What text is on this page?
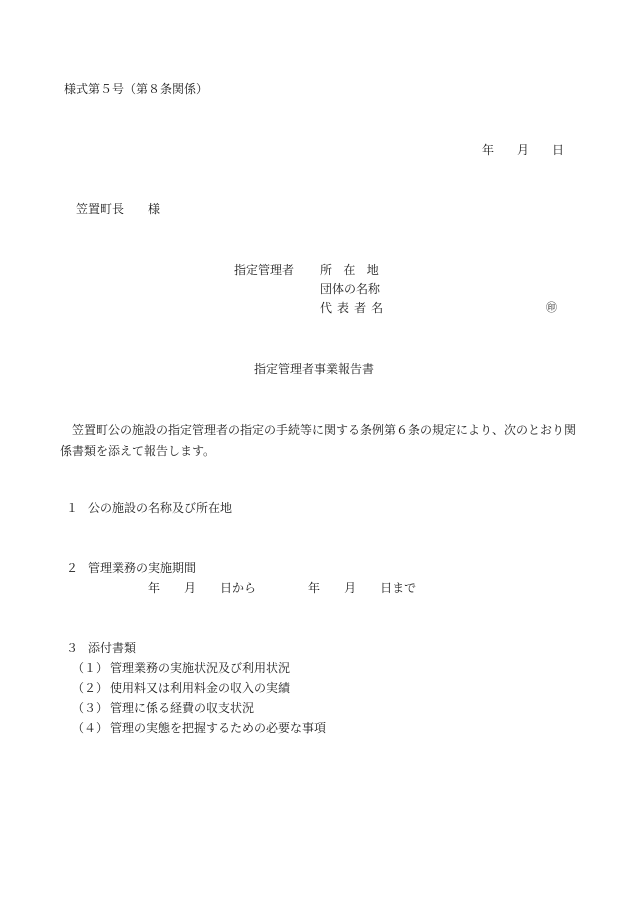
様式第５号（第８条関係）
年 月 日
笠置町長 様
指定管理者 所在地
団体の名称
代表者名	㊞
指定管理者事業報告書
笠置町公の施設の指定管理者の指定の手続等に関する条例第６条の規定により、次のとおり関係書類を添えて報告します。
１ 公の施設の名称及び所在地
２ 管理業務の実施期間
年 月 日から	年 月 日まで
３ 添付書類
（１） 管理業務の実施状況及び利用状況
（２） 使用料又は利用料金の収入の実績
（３） 管理に係る経費の収支状況
（４） 管理の実態を把握するための必要な事項
